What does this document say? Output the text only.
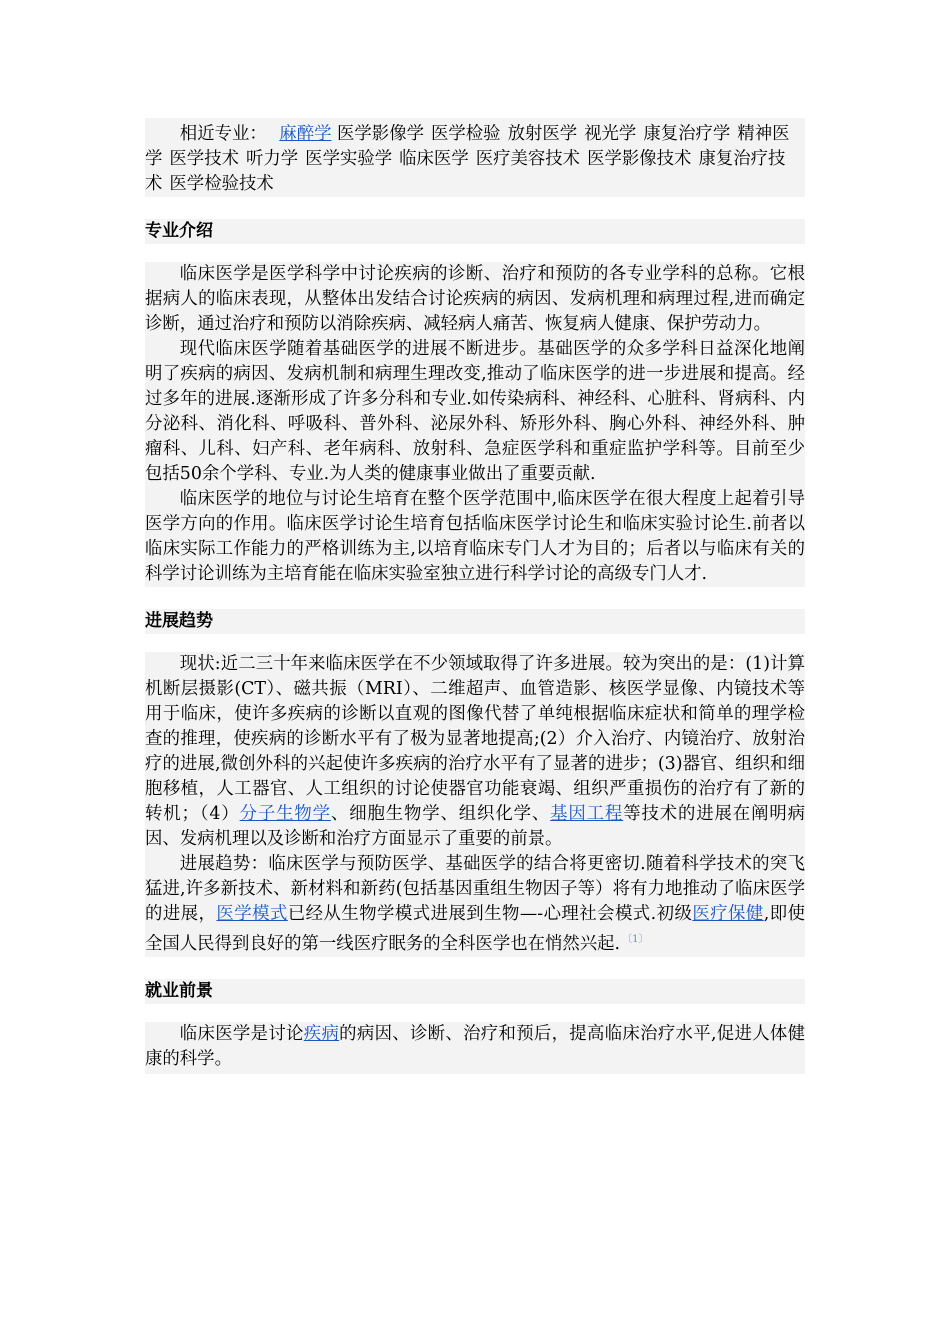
相近专业： 麻醉学 医学影像学 医学检验 放射医学 视光学 康复治疗学 精神医学 医学技术 听力学 医学实验学 临床医学 医疗美容技术 医学影像技术 康复治疗技术 医学检验技术

专业介绍

临床医学是医学科学中讨论疾病的诊断、治疗和预防的各专业学科的总称。它根据病人的临床表现，从整体出发结合讨论疾病的病因、发病机理和病理过程,进而确定诊断，通过治疗和预防以消除疾病、减轻病人痛苦、恢复病人健康、保护劳动力。

现代临床医学随着基础医学的进展不断进步。基础医学的众多学科日益深化地阐明了疾病的病因、发病机制和病理生理改变,推动了临床医学的进一步进展和提高。经过多年的进展.逐渐形成了许多分科和专业.如传染病科、神经科、心脏科、肾病科、内分泌科、消化科、呼吸科、普外科、泌尿外科、矫形外科、胸心外科、神经外科、肿瘤科、儿科、妇产科、老年病科、放射科、急症医学科和重症监护学科等。目前至少包括50余个学科、专业.为人类的健康事业做出了重要贡献.

临床医学的地位与讨论生培育在整个医学范围中,临床医学在很大程度上起着引导医学方向的作用。临床医学讨论生培育包括临床医学讨论生和临床实验讨论生.前者以临床实际工作能力的严格训练为主,以培育临床专门人才为目的；后者以与临床有关的科学讨论训练为主培育能在临床实验室独立进行科学讨论的高级专门人才.

进展趋势

现状:近二三十年来临床医学在不少领域取得了许多进展。较为突出的是：(1)计算机断层摄影(CT）、磁共振（MRI）、二维超声、血管造影、核医学显像、内镜技术等用于临床，使许多疾病的诊断以直观的图像代替了单纯根据临床症状和简单的理学检查的推理，使疾病的诊断水平有了极为显著地提高;(2）介入治疗、内镜治疗、放射治疗的进展,微创外科的兴起使许多疾病的治疗水平有了显著的进步；(3)器官、组织和细胞移植，人工器官、人工组织的讨论使器官功能衰竭、组织严重损伤的治疗有了新的转机；（4）分子生物学、细胞生物学、组织化学、基因工程等技术的进展在阐明病因、发病机理以及诊断和治疗方面显示了重要的前景。

进展趋势：临床医学与预防医学、基础医学的结合将更密切.随着科学技术的突飞猛进,许多新技术、新材料和新药(包括基因重组生物因子等）将有力地推动了临床医学的进展，医学模式已经从生物学模式进展到生物—-心理社会模式.初级医疗保健,即使全国人民得到良好的第一线医疗眠务的全科医学也在悄然兴起. $^{〔1〕}$

就业前景

临床医学是讨论疾病的病因、诊断、治疗和预后，提高临床治疗水平,促进人体健康的科学。
